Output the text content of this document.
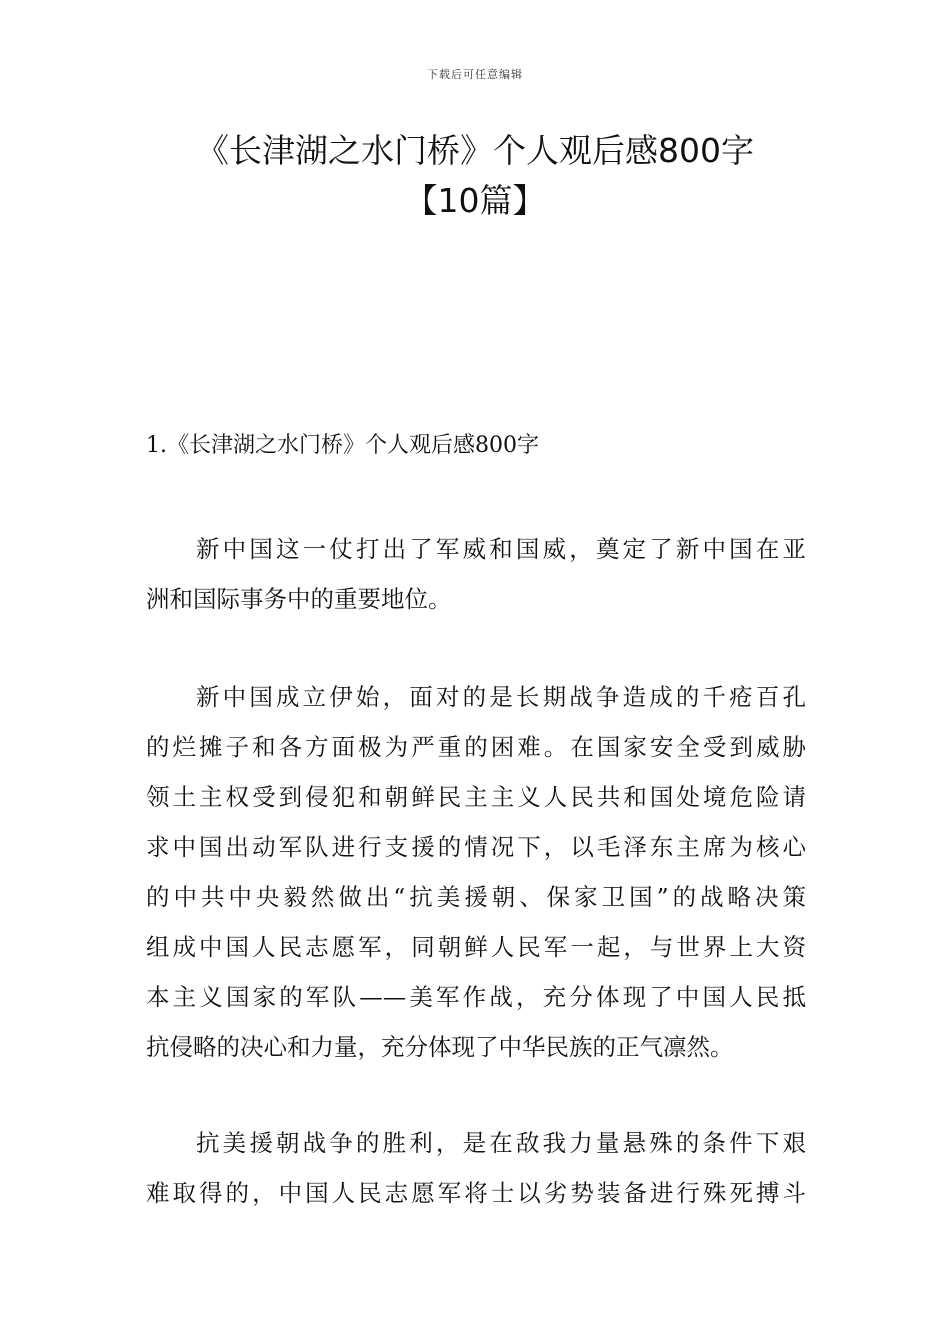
下载后可任意编辑
《长津湖之水门桥》个人观后感800字
【10篇】
1.《长津湖之水门桥》个人观后感800字
新中国这一仗打出了军威和国威，奠定了新中国在亚
洲和国际事务中的重要地位。
新中国成立伊始，面对的是长期战争造成的千疮百孔
的烂摊子和各方面极为严重的困难。在国家安全受到威胁
领土主权受到侵犯和朝鲜民主主义人民共和国处境危险请
求中国出动军队进行支援的情况下，以毛泽东主席为核心
的中共中央毅然做出“抗美援朝、保家卫国”的战略决策
组成中国人民志愿军，同朝鲜人民军一起，与世界上大资
本主义国家的军队——美军作战，充分体现了中国人民抵
抗侵略的决心和力量，充分体现了中华民族的正气凛然。
抗美援朝战争的胜利，是在敌我力量悬殊的条件下艰
难取得的，中国人民志愿军将士以劣势装备进行殊死搏斗
